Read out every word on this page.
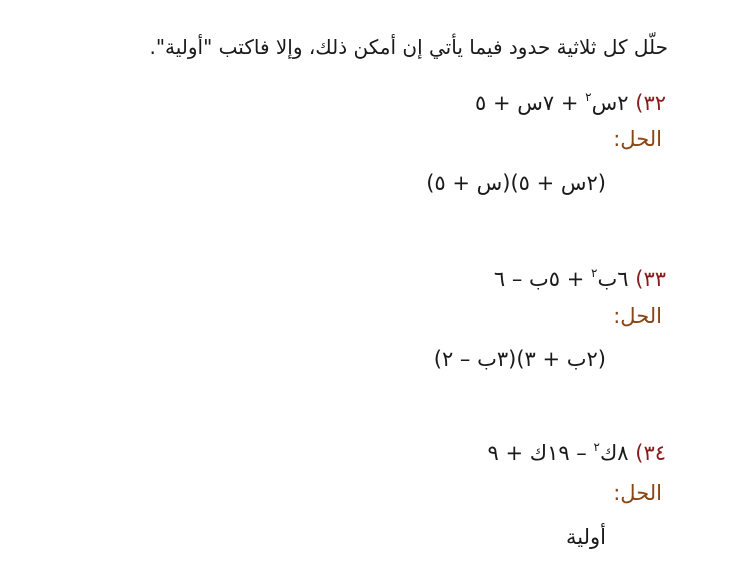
حلّل كل ثلاثية حدود فيما يأتي إن أمكن ذلك، وإلا فاكتب "أولية".
٣٢) ٢س$^٢$ + ٧س + ٥
الحل:
(٢س + ٥)(س + ٥)
٣٣) ٦ب$^٢$ + ٥ب – ٦
الحل:
(٢ب + ٣)(٣ب – ٢)
٣٤) ٨ك$^٢$ – ١٩ك + ٩
الحل:
أولية
